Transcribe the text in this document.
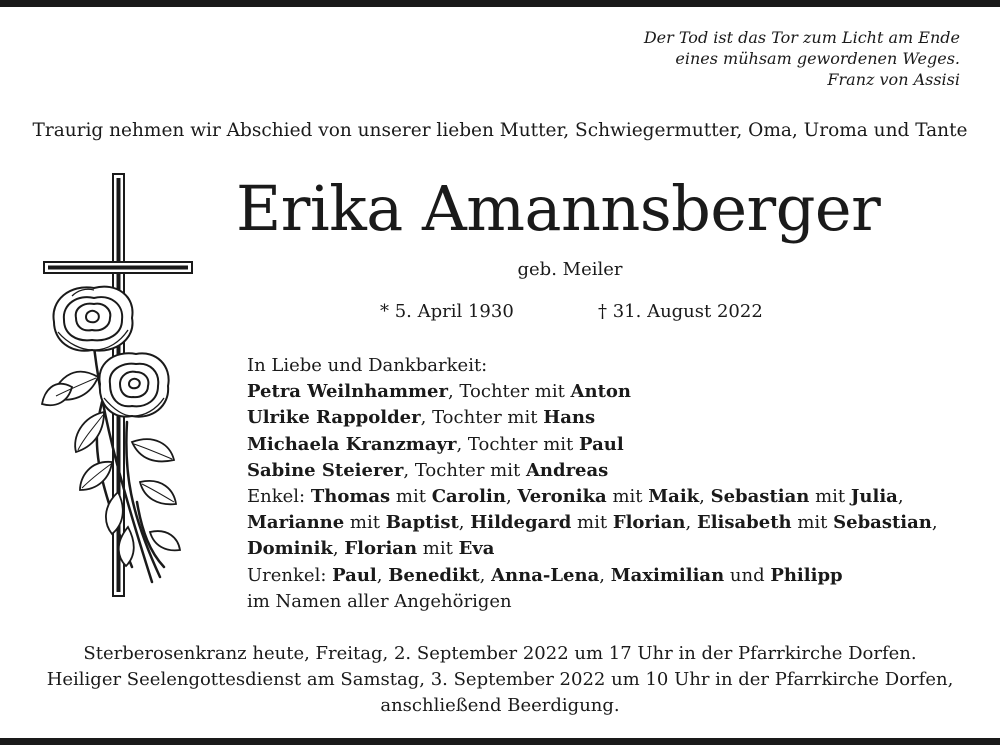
Der Tod ist das Tor zum Licht am Ende
eines mühsam gewordenen Weges.
Franz von Assisi
Traurig nehmen wir Abschied von unserer lieben Mutter, Schwiegermutter, Oma, Uroma und Tante
Erika Amannsberger
geb. Meiler
* 5. April 1930	† 31. August 2022
In Liebe und Dankbarkeit:
Petra Weilnhammer, Tochter mit Anton
Ulrike Rappolder, Tochter mit Hans
Michaela Kranzmayr, Tochter mit Paul
Sabine Steierer, Tochter mit Andreas
Enkel: Thomas mit Carolin, Veronika mit Maik, Sebastian mit Julia,
Marianne mit Baptist, Hildegard mit Florian, Elisabeth mit Sebastian,
Dominik, Florian mit Eva
Urenkel: Paul, Benedikt, Anna-Lena, Maximilian und Philipp
im Namen aller Angehörigen
Sterberosenkranz heute, Freitag, 2. September 2022 um 17 Uhr in der Pfarrkirche Dorfen.
Heiliger Seelengottesdienst am Samstag, 3. September 2022 um 10 Uhr in der Pfarrkirche Dorfen,
anschließend Beerdigung.
